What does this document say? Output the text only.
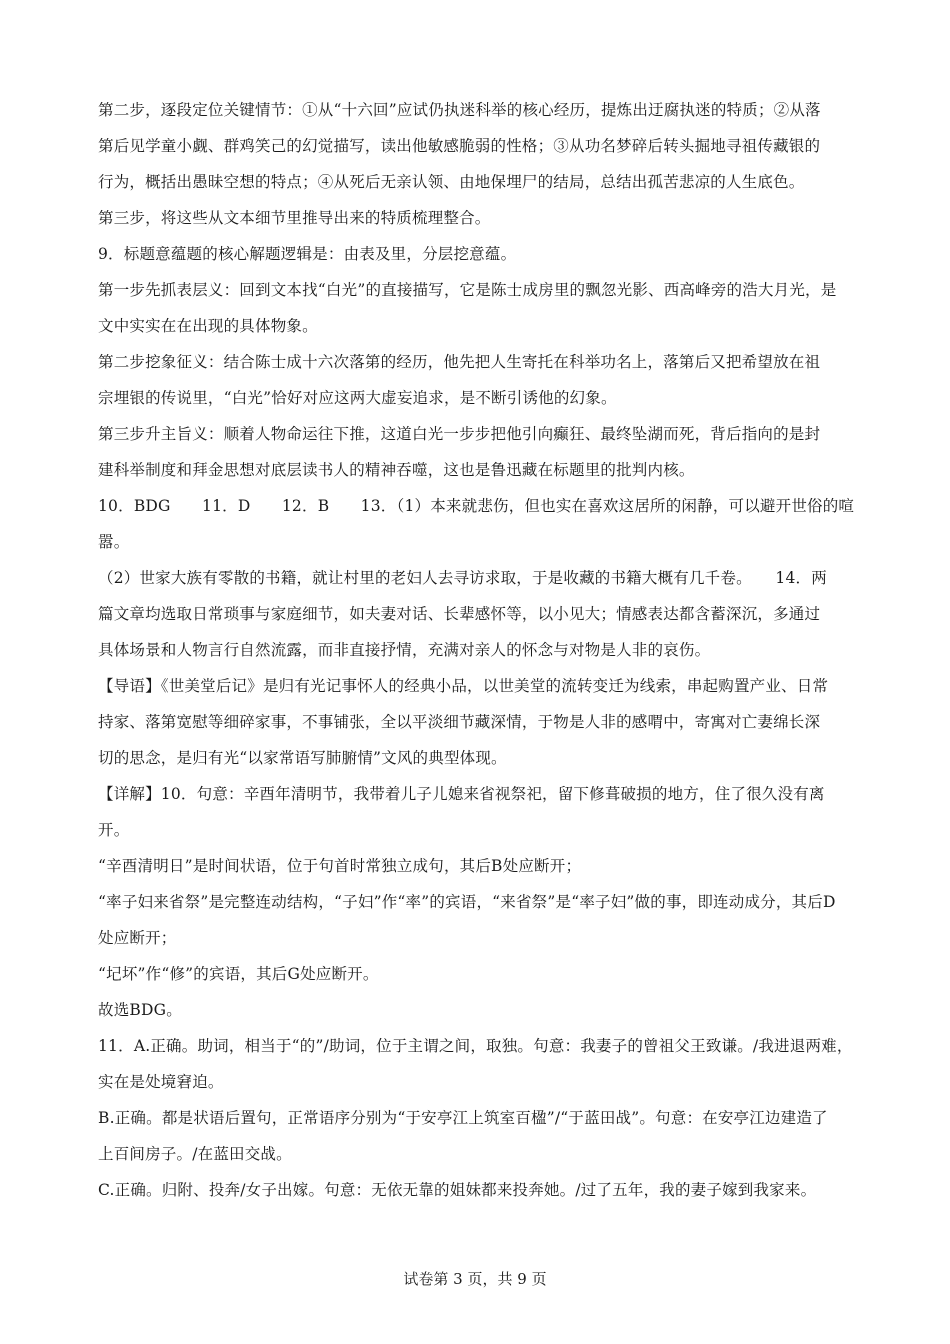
第二步，逐段定位关键情节：①从“十六回”应试仍执迷科举的核心经历，提炼出迂腐执迷的特质；②从落
第后见学童小觑、群鸡笑己的幻觉描写，读出他敏感脆弱的性格；③从功名梦碎后转头掘地寻祖传藏银的
行为，概括出愚昧空想的特点；④从死后无亲认领、由地保埋尸的结局，总结出孤苦悲凉的人生底色。
第三步，将这些从文本细节里推导出来的特质梳理整合。
9．标题意蕴题的核心解题逻辑是：由表及里，分层挖意蕴。
第一步先抓表层义：回到文本找“白光”的直接描写，它是陈士成房里的飘忽光影、西高峰旁的浩大月光，是
文中实实在在出现的具体物象。
第二步挖象征义：结合陈士成十六次落第的经历，他先把人生寄托在科举功名上，落第后又把希望放在祖
宗埋银的传说里，“白光”恰好对应这两大虚妄追求，是不断引诱他的幻象。
第三步升主旨义：顺着人物命运往下推，这道白光一步步把他引向癫狂、最终坠湖而死，背后指向的是封
建科举制度和拜金思想对底层读书人的精神吞噬，这也是鲁迅藏在标题里的批判内核。
10．BDG　　11．D　　12．B　　13．（1）本来就悲伤，但也实在喜欢这居所的闲静，可以避开世俗的喧
嚣。
（2）世家大族有零散的书籍，就让村里的老妇人去寻访求取，于是收藏的书籍大概有几千卷。　　14．两
篇文章均选取日常琐事与家庭细节，如夫妻对话、长辈感怀等，以小见大；情感表达都含蓄深沉，多通过
具体场景和人物言行自然流露，而非直接抒情，充满对亲人的怀念与对物是人非的哀伤。
【导语】《世美堂后记》是归有光记事怀人的经典小品，以世美堂的流转变迁为线索，串起购置产业、日常
持家、落第宽慰等细碎家事，不事铺张，全以平淡细节藏深情，于物是人非的感喟中，寄寓对亡妻绵长深
切的思念，是归有光“以家常语写肺腑情”文风的典型体现。
【详解】10．句意：辛酉年清明节，我带着儿子儿媳来省视祭祀，留下修葺破损的地方，住了很久没有离
开。
“辛酉清明日”是时间状语，位于句首时常独立成句，其后B处应断开；
“率子妇来省祭”是完整连动结构，“子妇”作“率”的宾语，“来省祭”是“率子妇”做的事，即连动成分，其后D
处应断开；
“圮坏”作“修”的宾语，其后G处应断开。
故选BDG。
11．A.正确。助词，相当于“的”/助词，位于主谓之间，取独。句意：我妻子的曾祖父王致谦。/我进退两难，
实在是处境窘迫。
B.正确。都是状语后置句，正常语序分别为“于安亭江上筑室百楹”/“于蓝田战”。句意：在安亭江边建造了
上百间房子。/在蓝田交战。
C.正确。归附、投奔/女子出嫁。句意：无依无靠的姐妹都来投奔她。/过了五年，我的妻子嫁到我家来。
试卷第 3 页，共 9 页
